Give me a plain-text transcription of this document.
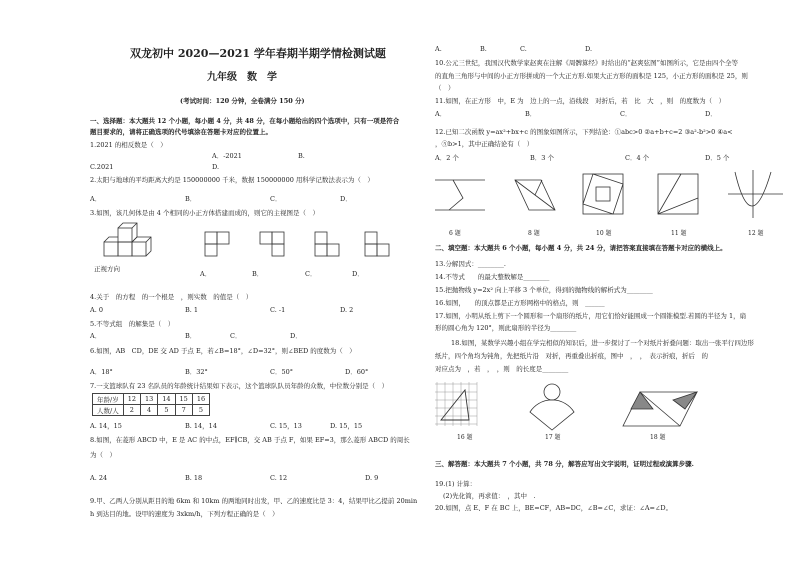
双龙初中 2020—2021 学年春期半期学情检测试题
九年级　数　学
(考试时间：120 分钟，全卷满分 150 分)
一、选择题：本大题共 12 个小题，每小题 4 分，共 48 分，在每小题给出的四个选项中，只有一项是符合
题目要求的，请将正确选项的代号填涂在答题卡对应的位置上。
1.2021 的相反数是（　）
A．-2021	B.
C.2021	D.
2.太阳与地球的平均距离大约是 150000000 千米，数据 150000000 用科学记数法表示为（　）
A．	B．	C．	D．
3.如图，该几何体是由 4 个相同的小正方体搭建而成的，则它的主视图是（　）
正视方向
A．	B．	C．	D．
4.关于　的方程　的一个根是　，则实数　的值是（　）
A. 0	B. 1	C. -1	D. 2
5.不等式组　的解集是（　）
A．	B．	C．	D．
6.如图，AB　CD，DE 交 AD 于点 E，若∠B=18°，∠D=32°，则∠BED 的度数为（　）
A．18°	B．32°	C．50°	D．60°
7.一支篮球队有 23 名队员的年龄统计结果如下表示，这个篮球队队员年龄的众数，中位数分别是（　）
年龄/岁	12	13	14	15	16
人数/人	2	4	5	7	5
A. 14，15	B. 14，14	C. 15，13	D. 15，15
8.如图，在菱形 ABCD 中，E 是 AC 的中点，EF∥CB，交 AB 于点 F，如果 EF=3，那么菱形 ABCD 的周长
为（　）
A. 24	B. 18	C. 12	D. 9
9.甲、乙两人分别从距目的地 6km 和 10km 的两地同时出发，甲、乙的速度比是 3：4，结果甲比乙提前 20min
h 到达目的地。设甲的速度为 3xkm/h，下列方程正确的是（　）
A.	B.	C.	D.
10.公元三世纪，我国汉代数学家赵爽在注解《周髀算经》时给出的“赵爽弦图”如图所示，它是由四个全等
的直角三角形与中间的小正方形拼成的一个大正方形.如果大正方形的面积是 125，小正方形的面积是 25，则
（　）
11.如图，在正方形　中，E 为　边上的一点，沿线段　对折后，若　比　大　，则　的度数为（　）
A．	B．	C．	D．
12.已知二次函数 y=ax²+bx+c 的图象如图所示，下列结论：①abc>0 ②a+b+c=2 ③a²-b²>0 ④a<
，⑤b>1，其中正确结论有（　）
A．2 个	B．3 个	C．4 个	D．5 个
6 题	8 题	10 题	11 题	12 题
二、填空题：本大题共 6 个小题，每小题 4 分，共 24 分，请把答案直接填在答题卡对应的横线上。
13.分解因式：________.
14.不等式　　的最大整数解是________
15.把抛物线 y=2x² 向上平移 3 个单位，得到的抛物线的解析式为________
16.如图，　　的顶点都是正方形网格中的格点，则　______
17.如图，小明从纸上剪下一个圆形和一个扇形的纸片，用它们恰好能围成一个圆锥模型.若圆的半径为 1，扇
形的圆心角为 120°，则此扇形的半径为________
18.如图，某数学兴趣小组在学完相似的知识后，进一步探讨了一个对纸片折叠问题：取出一张平行四边形
纸片，四个角均为钝角，先把纸片沿　对折，再重叠出折痕，图中　，　，　表示折痕，折后　的
对应点为　，若　，　，则　的长度是________
16 题	17 题	18 题
三、解答题：本大题共 7 个小题，共 78 分，解答应写出文字说明，证明过程或演算步骤.
19.(1) 计算：
(2)先化简，再求值：　，其中　.
20.如图，点 E、F 在 BC 上，BE=CF，AB=DC，∠B=∠C，求证：∠A=∠D。
